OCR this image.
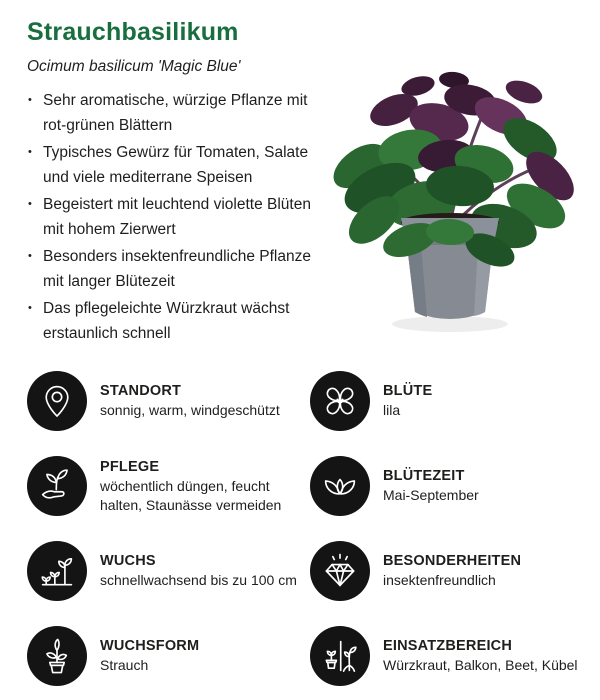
Strauchbasilikum

Ocimum basilicum 'Magic Blue'

• Sehr aromatische, würzige Pflanze mit rot-grünen Blättern
• Typisches Gewürz für Tomaten, Salate und viele mediterrane Speisen
• Begeistert mit leuchtend violette Blüten mit hohem Zierwert
• Besonders insektenfreundliche Pflanze mit langer Blütezeit
• Das pflegeleichte Würzkraut wächst erstaunlich schnell
STANDORT
sonnig, warm, windgeschützt
BLÜTE
lila
PFLEGE
wöchentlich düngen, feucht halten, Staunässe vermeiden
BLÜTEZEIT
Mai-September
WUCHS
schnellwachsend bis zu 100 cm
BESONDERHEITEN
insektenfreundlich
WUCHSFORM
Strauch
EINSATZBEREICH
Würzkraut, Balkon, Beet, Kübel
